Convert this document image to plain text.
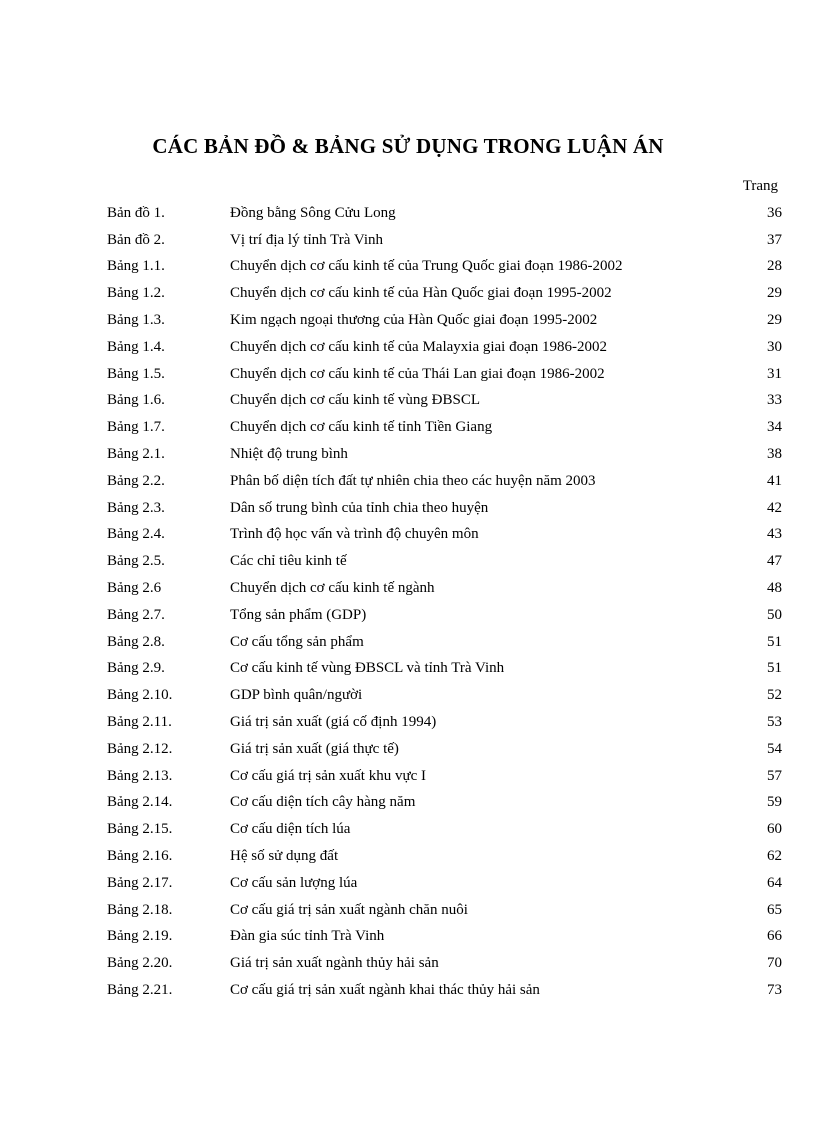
CÁC BẢN ĐỒ & BẢNG SỬ DỤNG TRONG LUẬN ÁN
Trang
Bản đồ 1.	Đồng bằng Sông Cửu Long	36
Bản đồ 2.	Vị trí địa lý tỉnh Trà Vinh	37
Bảng 1.1.	Chuyển dịch cơ cấu kinh tế của Trung Quốc giai đoạn 1986-2002	28
Bảng 1.2.	Chuyển dịch cơ cấu kinh tế của Hàn Quốc giai đoạn 1995-2002	29
Bảng 1.3.	Kim ngạch ngoại thương của Hàn Quốc giai đoạn 1995-2002	29
Bảng 1.4.	Chuyển dịch cơ cấu kinh tế của Malayxia giai đoạn 1986-2002	30
Bảng 1.5.	Chuyển dịch cơ cấu kinh tế của Thái Lan giai đoạn 1986-2002	31
Bảng 1.6.	Chuyển dịch cơ cấu kinh tế vùng ĐBSCL	33
Bảng 1.7.	Chuyển dịch cơ cấu kinh tế tỉnh Tiền Giang	34
Bảng 2.1.	Nhiệt độ trung bình	38
Bảng 2.2.	Phân bố diện tích đất tự nhiên chia theo các huyện năm 2003	41
Bảng 2.3.	Dân số trung bình của tỉnh chia theo huyện	42
Bảng 2.4.	Trình độ học vấn và trình độ chuyên môn	43
Bảng 2.5.	Các chỉ tiêu kinh tế	47
Bảng 2.6	Chuyển dịch cơ cấu kinh tế ngành	48
Bảng 2.7.	Tổng sản phẩm (GDP)	50
Bảng 2.8.	Cơ cấu tổng sản phẩm	51
Bảng 2.9.	Cơ cấu kinh tế vùng ĐBSCL và tỉnh Trà Vinh	51
Bảng 2.10.	GDP bình quân/người	52
Bảng 2.11.	Giá trị sản xuất (giá cố định 1994)	53
Bảng 2.12.	Giá trị sản xuất (giá thực tế)	54
Bảng 2.13.	Cơ cấu giá trị sản xuất khu vực I	57
Bảng 2.14.	Cơ cấu diện tích cây hàng năm	59
Bảng 2.15.	Cơ cấu diện tích lúa	60
Bảng 2.16.	Hệ số sử dụng đất	62
Bảng 2.17.	Cơ cấu sản lượng lúa	64
Bảng 2.18.	Cơ cấu giá trị sản xuất ngành chăn nuôi	65
Bảng 2.19.	Đàn gia súc tỉnh Trà Vinh	66
Bảng 2.20.	Giá trị sản xuất ngành thủy hải sản	70
Bảng 2.21.	Cơ cấu giá trị sản xuất ngành khai thác thủy hải sản	73
